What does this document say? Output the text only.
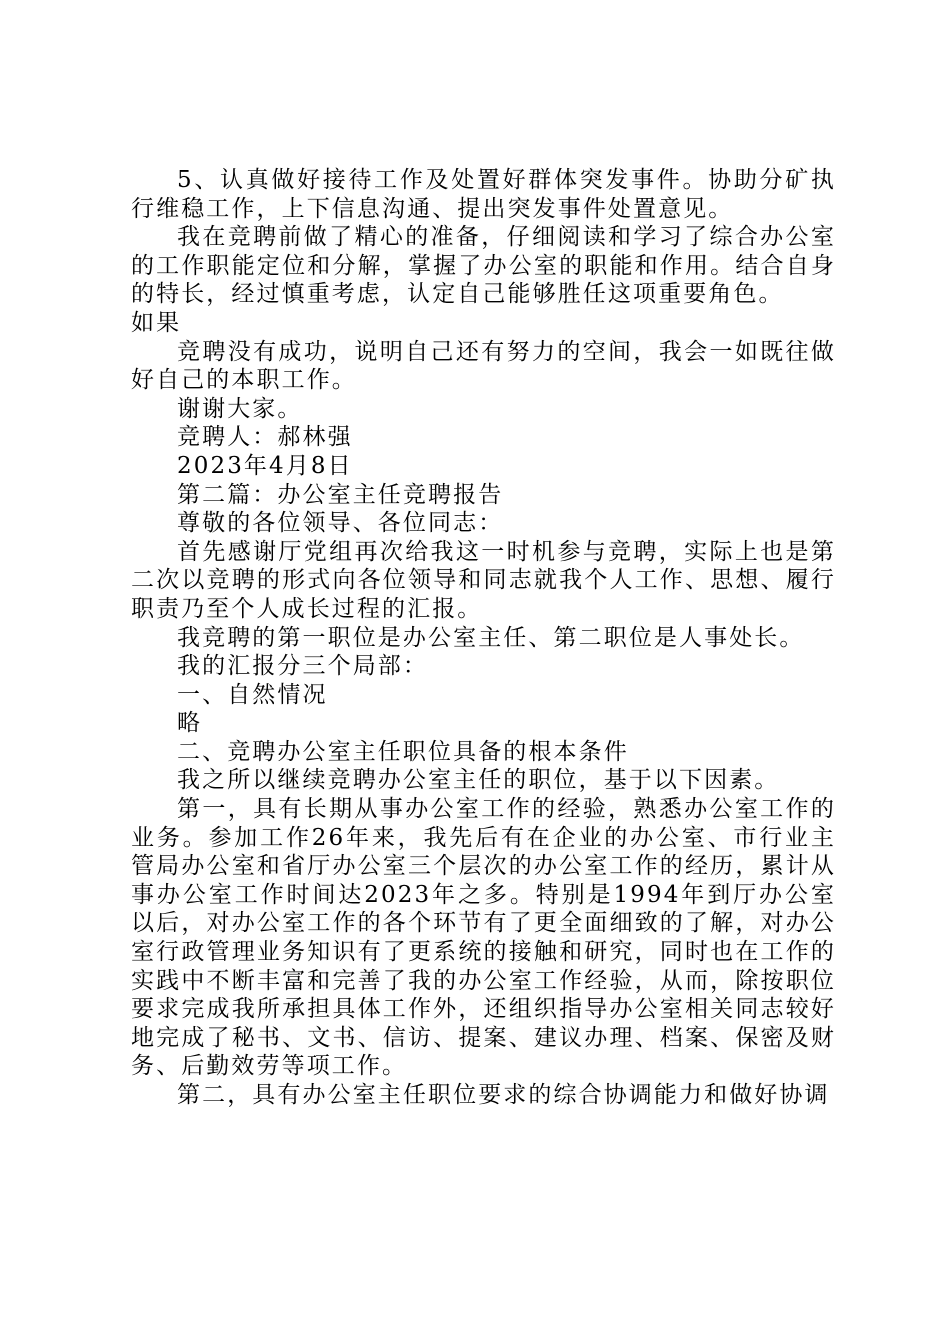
5、认真做好接待工作及处置好群体突发事件。协助分矿执行维稳工作，上下信息沟通、提出突发事件处置意见。

我在竞聘前做了精心的准备，仔细阅读和学习了综合办公室的工作职能定位和分解，掌握了办公室的职能和作用。结合自身的特长，经过慎重考虑，认定自己能够胜任这项重要角色。

如果

竞聘没有成功，说明自己还有努力的空间，我会一如既往做好自己的本职工作。

谢谢大家。

竞聘人：郝林强

2023年4月8日

第二篇：办公室主任竞聘报告

尊敬的各位领导、各位同志：

首先感谢厅党组再次给我这一时机参与竞聘，实际上也是第二次以竞聘的形式向各位领导和同志就我个人工作、思想、履行职责乃至个人成长过程的汇报。

我竞聘的第一职位是办公室主任、第二职位是人事处长。

我的汇报分三个局部：

一、自然情况

略

二、竞聘办公室主任职位具备的根本条件

我之所以继续竞聘办公室主任的职位，基于以下因素。

第一，具有长期从事办公室工作的经验，熟悉办公室工作的业务。参加工作26年来，我先后有在企业的办公室、市行业主管局办公室和省厅办公室三个层次的办公室工作的经历，累计从事办公室工作时间达2023年之多。特别是1994年到厅办公室以后，对办公室工作的各个环节有了更全面细致的了解，对办公室行政管理业务知识有了更系统的接触和研究，同时也在工作的实践中不断丰富和完善了我的办公室工作经验，从而，除按职位要求完成我所承担具体工作外，还组织指导办公室相关同志较好地完成了秘书、文书、信访、提案、建议办理、档案、保密及财务、后勤效劳等项工作。

第二，具有办公室主任职位要求的综合协调能力和做好协调
